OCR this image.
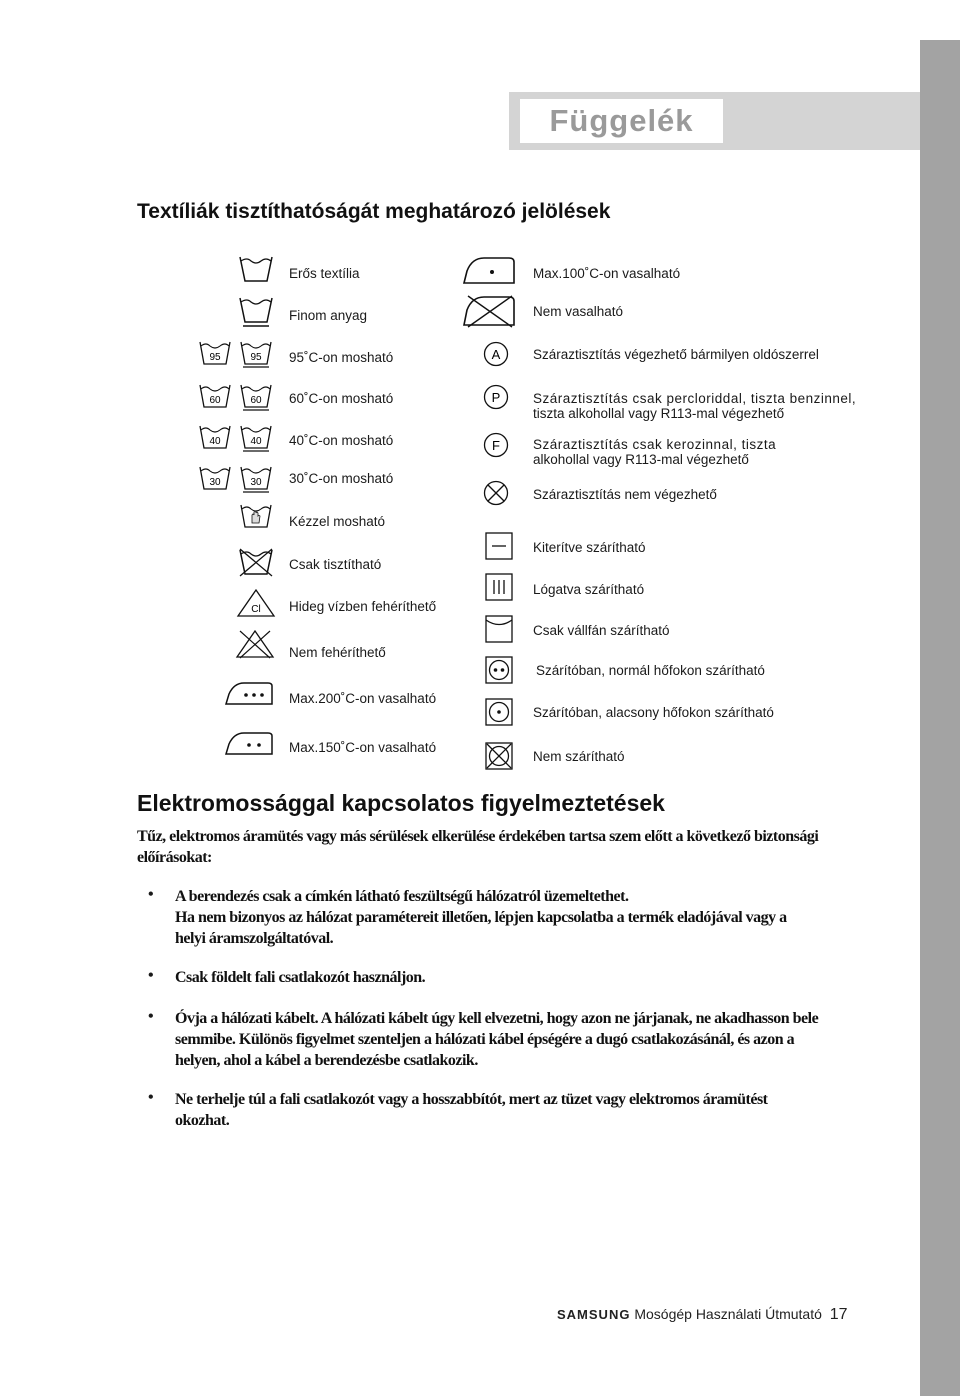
Függelék
Textíliák tisztíthatóságát meghatározó jelölések
Erős textília
Finom anyag
95	95 95˚C-on mosható
60	60 60˚C-on mosható
40	40 40˚C-on mosható
30	30 30˚C-on mosható
Kézzel mosható
Csak tisztítható
Cl Hideg vízben fehéríthető
Nem fehéríthető
Max.200˚C-on vasalható
Max.150˚C-on vasalható
Max.100˚C-on vasalható
Nem vasalható
A Száraztisztítás végezhető bármilyen oldószerrel
P Száraztisztítás csak percloriddal, tiszta benzinnel,
tiszta alkohollal vagy R113-mal végezhető
F Száraztisztítás csak kerozinnal, tiszta
alkohollal vagy R113-mal végezhető
Száraztisztítás nem végezhető
Kiterítve szárítható
Lógatva szárítható
Csak vállfán szárítható
Szárítóban, normál hőfokon szárítható
Szárítóban, alacsony hőfokon szárítható
Nem szárítható
Elektromossággal kapcsolatos figyelmeztetések
Tűz, elektromos áramütés vagy más sérülések elkerülése érdekében tartsa szem előtt a következő biztonsági
előírásokat:
• A berendezés csak a címkén látható feszültségű hálózatról üzemeltethet.
Ha nem bizonyos az hálózat paramétereit illetően, lépjen kapcsolatba a termék eladójával vagy a
helyi áramszolgáltatóval.
• Csak földelt fali csatlakozót használjon.
• Óvja a hálózati kábelt. A hálózati kábelt úgy kell elvezetni, hogy azon ne járjanak, ne akadhasson bele
semmibe. Különös figyelmet szenteljen a hálózati kábel épségére a dugó csatlakozásánál, és azon a
helyen, ahol a kábel a berendezésbe csatlakozik.
• Ne terhelje túl a fali csatlakozót vagy a hosszabbítót, mert az tüzet vagy elektromos áramütést
okozhat.
SAMSUNG Mosógép Használati Útmutató 17
